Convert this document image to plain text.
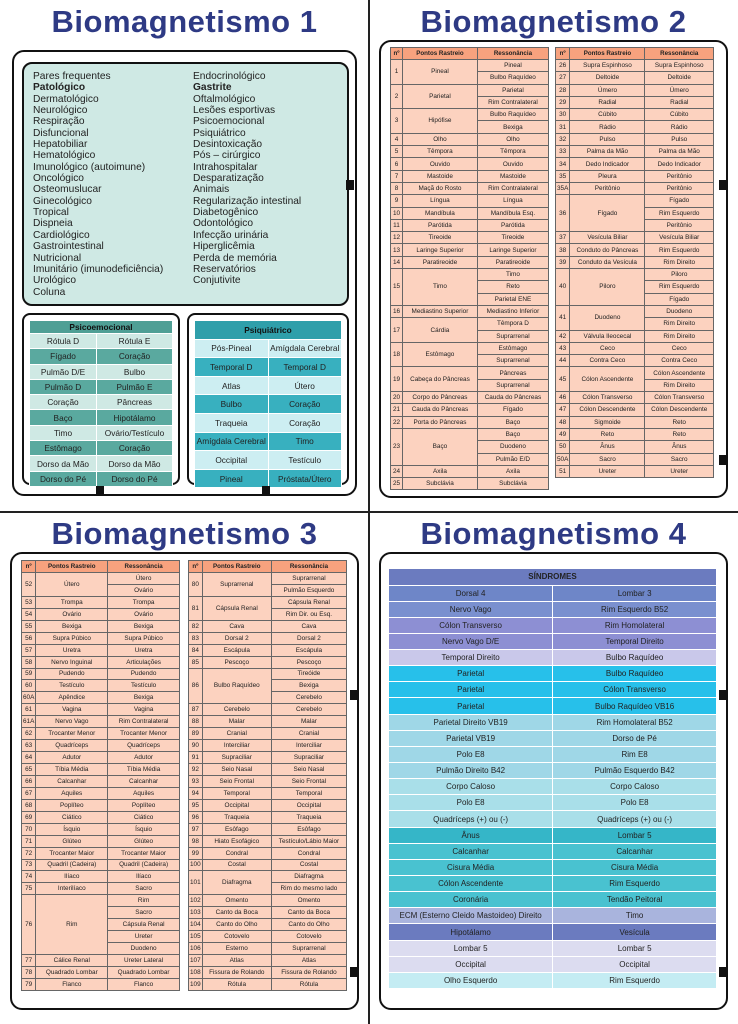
Biomagnetismo 1
Pares frequentes
Patológico
Dermatológico
Neurológico
Respiração
Disfuncional
Hepatobiliar
Hematológico
Imunológico (autoimune)
Oncológico
Osteomuslucar
Ginecológico
Tropical
Dispneia
Cardiológico
Gastrointestinal
Nutricional
Imunitário (imunodeficiência)
Urológico
Coluna
Endocrinológico
Gastrite
Oftalmológico
Lesões esportivas
Psicoemocional
Psiquiátrico
Desintoxicação
Pós – cirúrgico
Intrahospitalar
Desparatização
Animais
Regularização intestinal
Diabetogênico
Odontológico
Infecção urinária
Hiperglicêmia
Perda de memória
Reservatórios
Conjutivite
Psicoemocional	
Rótula D	Rótula E
Fígado	Coração
Pulmão D/E	Bulbo
Pulmão D	Pulmão E
Coração	Pâncreas
Baço	Hipotálamo
Timo	Ovário/Testículo
Estômago	Coração
Dorso da Mão	Dorso da Mão
Dorso do Pé	Dorso do Pé
Psiquiátrico	
Pós-Pineal	Amígdala Cerebral
Temporal D	Temporal D
Atlas	Útero
Bulbo	Coração
Traqueia	Coração
Amígdala Cerebral	Timo
Occipital	Testículo
Pineal	Próstata/Útero
Biomagnetismo 2
nº	Pontos Rastreio	Ressonância
1	Pineal	Pineal
		Bulbo Raquídeo
2	Parietal	Parietal
		Rim Contralateral
3	Hipófise	Bulbo Raquídeo
		Bexiga
4	Olho	Olho
5	Têmpora	Têmpora
6	Ouvido	Ouvido
7	Mastoide	Mastoide
8	Maçã do Rosto	Rim Contralateral
9	Língua	Língua
10	Mandíbula	Mandíbula Esq.
11	Parótida	Parótida
12	Tireoide	Tireoide
13	Laringe Superior	Laringe Superior
14	Paratireoide	Paratireoide
15	Timo	Timo
		Reto
		Parietal ENE
16	Mediastino Superior	Mediastino Inferior
17	Cárdia	Têmpora D
		Suprarrenal
18	Estômago	Estômago
		Suprarrenal
19	Cabeça do Pâncreas	Pâncreas
		Suprarrenal
20	Corpo do Pâncreas	Cauda do Pâncreas
21	Cauda do Pâncreas	Fígado
22	Porta do Pâncreas	Baço
23	Baço	Baço
		Duodeno
		Pulmão E/D
24	Axila	Axila
25	Subclávia	Subclávia
nº	Pontos Rastreio	Ressonância
26	Supra Espinhoso	Supra Espinhoso
27	Deltoide	Deltoide
28	Úmero	Úmero
29	Radial	Radial
30	Cúbito	Cúbito
31	Rádio	Rádio
32	Pulso	Pulso
33	Palma da Mão	Palma da Mão
34	Dedo Indicador	Dedo Indicador
35	Pleura	Peritônio
35A	Peritônio	Peritônio
36	Fígado	Fígado
		Rim Esquerdo
		Peritônio
37	Vesícula Biliar	Vesícula Biliar
38	Conduto do Pâncreas	Rim Esquerdo
39	Conduto da Vesícula	Rim Direito
40	Piloro	Piloro
		Rim Esquerdo
		Fígado
41	Duodeno	Duodeno
		Rim Direito
42	Válvula Ileocecal	Rim Direito
43	Ceco	Ceco
44	Contra Ceco	Contra Ceco
45	Cólon Ascendente	Cólon Ascendente
		Rim Direito
46	Cólon Transverso	Cólon Transverso
47	Cólon Descendente	Cólon Descendente
48	Sigmoide	Reto
49	Reto	Reto
50	Ânus	Ânus
50A	Sacro	Sacro
51	Ureter	Ureter
Biomagnetismo 3
nº	Pontos Rastreio	Ressonância
52	Útero	Útero
		Ovário
53	Trompa	Trompa
54	Ovário	Ovário
55	Bexiga	Bexiga
56	Supra Púbico	Supra Púbico
57	Uretra	Uretra
58	Nervo Inguinal	Articulações
59	Pudendo	Pudendo
60	Testículo	Testículo
60A	Apêndice	Bexiga
61	Vagina	Vagina
61A	Nervo Vago	Rim Contralateral
62	Trocanter Menor	Trocanter Menor
63	Quadríceps	Quadríceps
64	Adutor	Adutor
65	Tíbia Média	Tíbia Média
66	Calcanhar	Calcanhar
67	Aquiles	Aquiles
68	Poplíteo	Poplíteo
69	Ciático	Ciático
70	Ísquio	Ísquio
71	Glúteo	Glúteo
72	Trocanter Maior	Trocanter Maior
73	Quadril (Cadeira)	Quadril (Cadeira)
74	Ilíaco	Ilíaco
75	Interilíaco	Sacro
76	Rim	Rim
		Sacro
		Cápsula Renal
		Ureter
		Duodeno
77	Cálice Renal	Ureter Lateral
78	Quadrado Lombar	Quadrado Lombar
79	Flanco	Flanco
nº	Pontos Rastreio	Ressonância
80	Suprarrenal	Suprarrenal
		Pulmão Esquerdo
81	Cápsula Renal	Cápsula Renal
		Rim Dir. ou Esq.
82	Cava	Cava
83	Dorsal 2	Dorsal 2
84	Escápula	Escápula
85	Pescoço	Pescoço
86	Bulbo Raquídeo	Tireóide
		Bexiga
		Cerebelo
87	Cerebelo	Cerebelo
88	Malar	Malar
89	Cranial	Cranial
90	Interciliar	Interciliar
91	Supraciliar	Supraciliar
92	Seio Nasal	Seio Nasal
93	Seio Frontal	Seio Frontal
94	Temporal	Temporal
95	Occipital	Occipital
96	Traqueia	Traqueia
97	Esôfago	Esôfago
98	Hiato Esofágico	Testículo/Lábio Maior
99	Condral	Condral
100	Costal	Costal
101	Diafragma	Diafragma
		Rim do mesmo lado
102	Omento	Omento
103	Canto da Boca	Canto da Boca
104	Canto do Olho	Canto do Olho
105	Cotovelo	Cotovelo
106	Esterno	Suprarrenal
107	Atlas	Atlas
108	Fissura de Rolando	Fissura de Rolando
109	Rótula	Rótula
Biomagnetismo 4
SÍNDROMES	
Dorsal 4	Lombar 3
Nervo Vago	Rim Esquerdo B52
Cólon Transverso	Rim Homolateral
Nervo Vago D/E	Temporal Direito
Temporal Direito	Bulbo Raquídeo
Parietal	Bulbo Raquídeo
Parietal	Cólon Transverso
Parietal	Bulbo Raquídeo VB16
Parietal Direito VB19	Rim Homolateral B52
Parietal VB19	Dorso de Pé
Polo E8	Rim E8
Pulmão Direito B42	Pulmão Esquerdo B42
Corpo Caloso	Corpo Caloso
Polo E8	Polo E8
Quadríceps (+) ou (-)	Quadríceps (+) ou (-)
Ânus	Lombar 5
Calcanhar	Calcanhar
Cisura Média	Cisura Média
Cólon Ascendente	Rim Esquerdo
Coronária	Tendão Peitoral
ECM (Esterno Cleido Mastoideo) Direito	Timo
Hipotálamo	Vesícula
Lombar 5	Lombar 5
Occipital	Occipital
Olho Esquerdo	Rim Esquerdo
